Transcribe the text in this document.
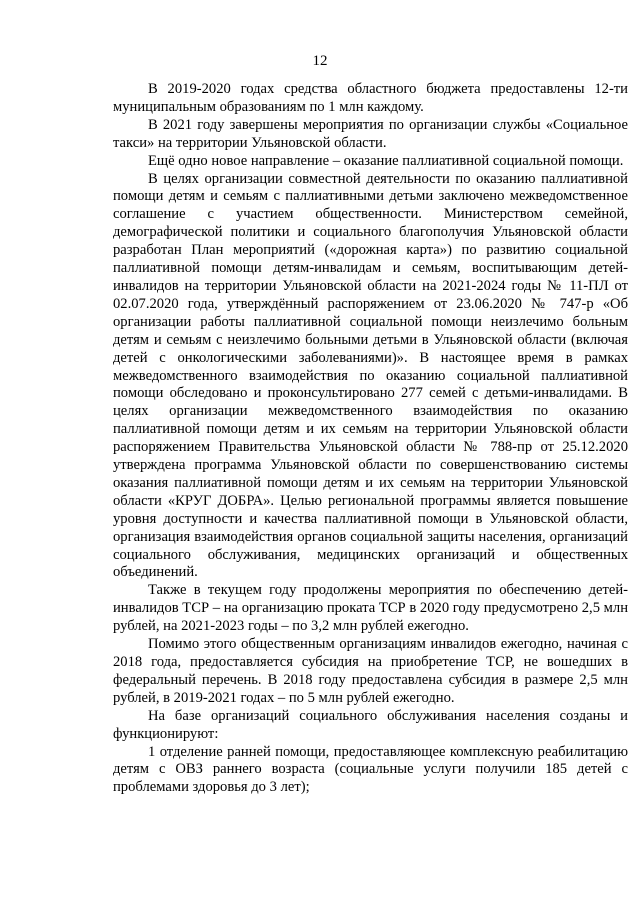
12

В 2019-2020 годах средства областного бюджета предоставлены 12-ти муниципальным образованиям по 1 млн каждому.

В 2021 году завершены мероприятия по организации службы «Социальное такси» на территории Ульяновской области.

Ещё одно новое направление – оказание паллиативной социальной помощи.

В целях организации совместной деятельности по оказанию паллиативной помощи детям и семьям с паллиативными детьми заключено межведомственное соглашение с участием общественности. Министерством семейной, демографической политики и социального благополучия Ульяновской области разработан План мероприятий («дорожная карта») по развитию социальной паллиативной помощи детям-инвалидам и семьям, воспитывающим детей-инвалидов на территории Ульяновской области на 2021-2024 годы № 11-ПЛ от 02.07.2020 года, утверждённый распоряжением от 23.06.2020 № 747-р «Об организации работы паллиативной социальной помощи неизлечимо больным детям и семьям с неизлечимо больными детьми в Ульяновской области (включая детей с онкологическими заболеваниями)». В настоящее время в рамках межведомственного взаимодействия по оказанию социальной паллиативной помощи обследовано и проконсультировано 277 семей с детьми-инвалидами. В целях организации межведомственного взаимодействия по оказанию паллиативной помощи детям и их семьям на территории Ульяновской области распоряжением Правительства Ульяновской области № 788-пр от 25.12.2020 утверждена программа Ульяновской области по совершенствованию системы оказания паллиативной помощи детям и их семьям на территории Ульяновской области «КРУГ ДОБРА». Целью региональной программы является повышение уровня доступности и качества паллиативной помощи в Ульяновской области, организация взаимодействия органов социальной защиты населения, организаций социального обслуживания, медицинских организаций и общественных объединений.

Также в текущем году продолжены мероприятия по обеспечению детей-инвалидов ТСР – на организацию проката ТСР в 2020 году предусмотрено 2,5 млн рублей, на 2021-2023 годы – по 3,2 млн рублей ежегодно.

Помимо этого общественным организациям инвалидов ежегодно, начиная с 2018 года, предоставляется субсидия на приобретение ТСР, не вошедших в федеральный перечень. В 2018 году предоставлена субсидия в размере 2,5 млн рублей, в 2019-2021 годах – по 5 млн рублей ежегодно.

На базе организаций социального обслуживания населения созданы и функционируют:

1 отделение ранней помощи, предоставляющее комплексную реабилитацию детям с ОВЗ раннего возраста (социальные услуги получили 185 детей с проблемами здоровья до 3 лет);
